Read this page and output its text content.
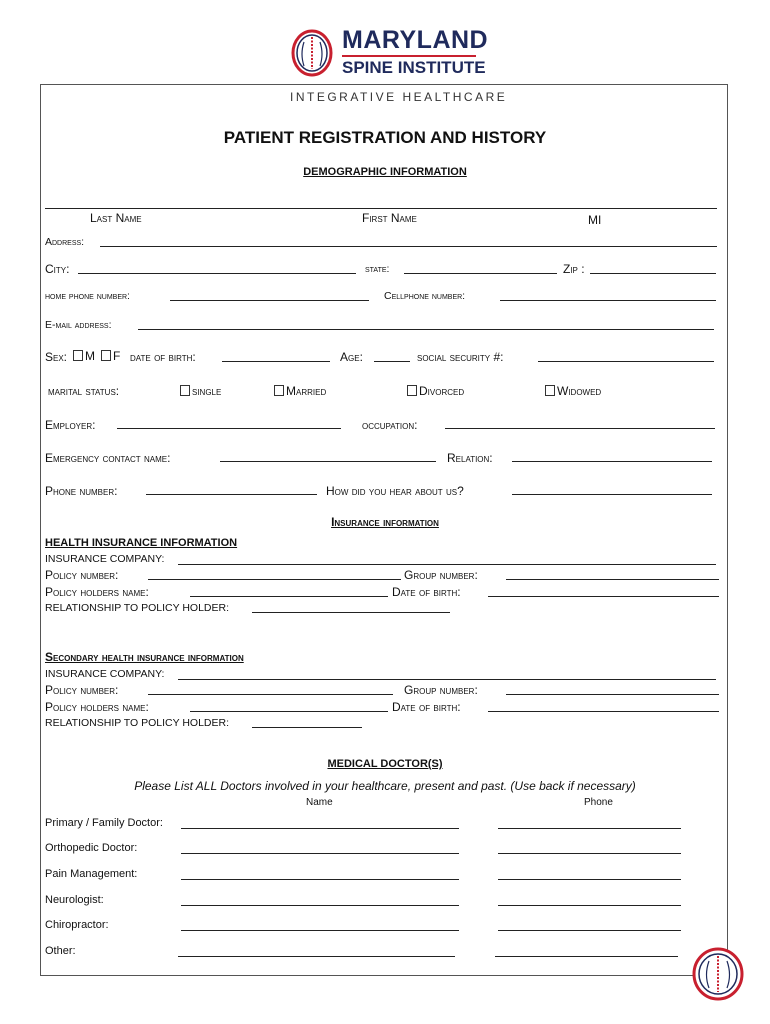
MARYLAND
SPINE INSTITUTE
INTEGRATIVE HEALTHCARE
PATIENT REGISTRATION AND HISTORY
DEMOGRAPHIC INFORMATION
Last Name	First Name	MI
Address:
City:	state:	Zip :
home phone number:	Cellphone number:
E-mail address:
Sex:	M	F date of birth:	Age:	social security #:
marital status:	single	Married	Divorced	Widowed
Employer:	occupation:
Emergency contact name:	Relation:
Phone number:	How did you hear about us?
Insurance information
HEALTH INSURANCE INFORMATION
INSURANCE COMPANY:
Policy number:	Group number:
Policy holders name:	Date of birth:
RELATIONSHIP TO POLICY HOLDER:
Secondary health insurance information
INSURANCE COMPANY:
Policy number:	Group number:
Policy holders name:	Date of birth:
RELATIONSHIP TO POLICY HOLDER:
MEDICAL DOCTOR(S)
Please List ALL Doctors involved in your healthcare, present and past. (Use back if necessary)
Name	Phone
Primary / Family Doctor:
Orthopedic Doctor:
Pain Management:
Neurologist:
Chiropractor:
Other:
